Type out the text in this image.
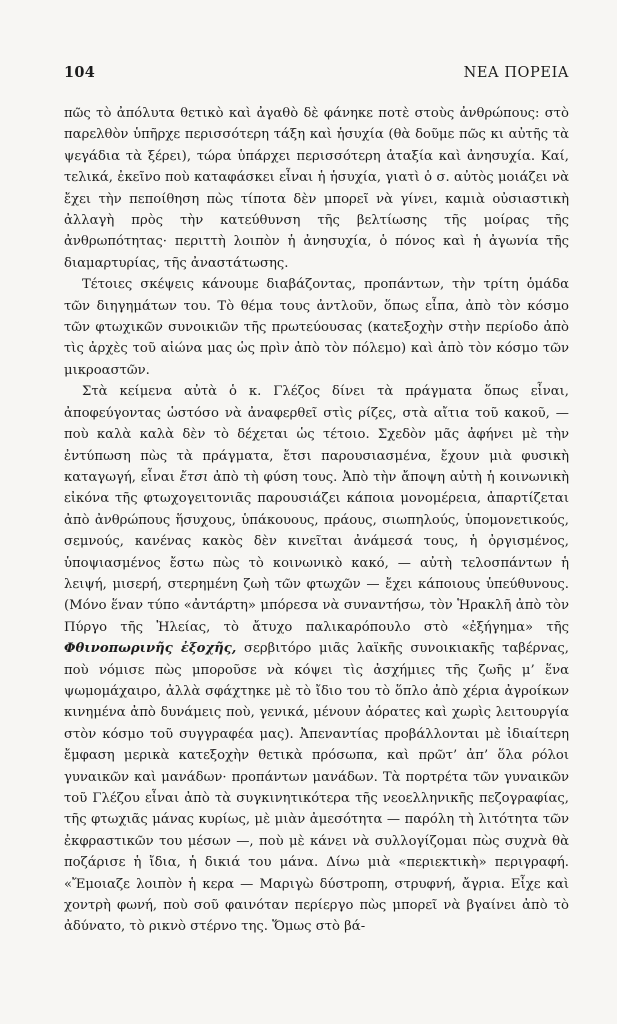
104	ΝΕΑ ΠΟΡΕΙΑ

πῶς τὸ ἀπόλυτα θετικὸ καὶ ἀγαθὸ δὲ φάνηκε ποτὲ στοὺς ἀνθρώπους: στὸ παρελθὸν ὑπῆρχε περισσότερη τάξη καὶ ἡσυχία (θὰ δοῦμε πῶς κι αὐτῆς τὰ ψεγάδια τὰ ξέρει), τώρα ὑπάρχει περισσότερη ἀταξία καὶ ἀνησυχία. Καί, τελικά, ἐκεῖνο ποὺ καταφάσκει εἶναι ἡ ἡσυχία, γιατὶ ὁ σ. αὐτὸς μοιάζει νὰ ἔχει τὴν πεποίθηση πὼς τίποτα δὲν μπορεῖ νὰ γίνει, καμιὰ οὐσιαστικὴ ἀλλαγὴ πρὸς τὴν κατεύθυνση τῆς βελτίωσης τῆς μοίρας τῆς ἀνθρωπότητας· περιττὴ λοιπὸν ἡ ἀνησυχία, ὁ πόνος καὶ ἡ ἀγωνία τῆς διαμαρτυρίας, τῆς ἀναστάτωσης.

Τέτοιες σκέψεις κάνουμε διαβάζοντας, προπάντων, τὴν τρίτη ὁμάδα τῶν διηγημάτων του. Τὸ θέμα τους ἀντλοῦν, ὅπως εἶπα, ἀπὸ τὸν κόσμο τῶν φτωχικῶν συνοικιῶν τῆς πρωτεύουσας (κατεξοχὴν στὴν περίοδο ἀπὸ τὶς ἀρχὲς τοῦ αἰώνα μας ὡς πρὶν ἀπὸ τὸν πόλεμο) καὶ ἀπὸ τὸν κόσμο τῶν μικροαστῶν.

Στὰ κείμενα αὐτὰ ὁ κ. Γλέζος δίνει τὰ πράγματα ὅπως εἶναι, ἀποφεύγοντας ὡστόσο νὰ ἀναφερθεῖ στὶς ρίζες, στὰ αἴτια τοῦ κακοῦ, — ποὺ καλὰ καλὰ δὲν τὸ δέχεται ὡς τέτοιο. Σχεδὸν μᾶς ἀφήνει μὲ τὴν ἐντύπωση πὼς τὰ πράγματα, ἔτσι παρουσιασμένα, ἔχουν μιὰ φυσικὴ καταγωγή, εἶναι ἔτσι ἀπὸ τὴ φύση τους. Ἀπὸ τὴν ἄποψη αὐτὴ ἡ κοινωνικὴ εἰκόνα τῆς φτωχογειτονιᾶς παρουσιάζει κάποια μονομέρεια, ἀπαρτίζεται ἀπὸ ἀνθρώπους ἥσυχους, ὑπάκουους, πράους, σιωπηλούς, ὑπομονετικούς, σεμνούς, κανένας κακὸς δὲν κινεῖται ἀνάμεσά τους, ἡ ὀργισμένος, ὑποψιασμένος ἔστω πὼς τὸ κοινωνικὸ κακό, — αὐτὴ τελοσπάντων ἡ λειψή, μισερή, στερημένη ζωὴ τῶν φτωχῶν — ἔχει κάποιους ὑπεύθυνους. (Μόνο ἕναν τύπο «ἀντάρτη» μπόρεσα νὰ συναντήσω, τὸν Ἡρακλῆ ἀπὸ τὸν Πύργο τῆς Ἠλείας, τὸ ἄτυχο παλικαρόπουλο στὸ «ἐξήγημα» τῆς Φθινοπωρινῆς ἐξοχῆς, σερβιτόρο μιᾶς λαϊκῆς συνοικιακῆς ταβέρνας, ποὺ νόμισε πὼς μποροῦσε νὰ κόψει τὶς ἀσχήμιες τῆς ζωῆς μ’ ἕνα ψωμομάχαιρο, ἀλλὰ σφάχτηκε μὲ τὸ ἴδιο του τὸ ὅπλο ἀπὸ χέρια ἀγροίκων κινημένα ἀπὸ δυνάμεις ποὺ, γενικά, μένουν ἀόρατες καὶ χωρὶς λειτουργία στὸν κόσμο τοῦ συγγραφέα μας). Ἀπεναντίας προβάλλονται μὲ ἰδιαίτερη ἔμφαση μερικὰ κατεξοχὴν θετικὰ πρόσωπα, καὶ πρῶτ’ ἀπ’ ὅλα ρόλοι γυναικῶν καὶ μανάδων· προπάντων μανάδων. Τὰ πορτρέτα τῶν γυναικῶν τοῦ Γλέζου εἶναι ἀπὸ τὰ συγκινητικότερα τῆς νεοελληνικῆς πεζογραφίας, τῆς φτωχιᾶς μάνας κυρίως, μὲ μιὰν ἀμεσότητα — παρόλη τὴ λιτότητα τῶν ἐκφραστικῶν του μέσων —, ποὺ μὲ κάνει νὰ συλλογίζομαι πὼς συχνὰ θὰ ποζάρισε ἡ ἴδια, ἡ δικιά του μάνα. Δίνω μιὰ «περιεκτικὴ» περιγραφή. «Ἔμοιαζε λοιπὸν ἡ κερα — Μαριγὼ δύστροπη, στρυφνή, ἄγρια. Εἶχε καὶ χοντρὴ φωνή, ποὺ σοῦ φαινόταν περίεργο πὼς μπορεῖ νὰ βγαίνει ἀπὸ τὸ ἀδύνατο, τὸ ρικνὸ στέρνο της. Ὅμως στὸ βά-
